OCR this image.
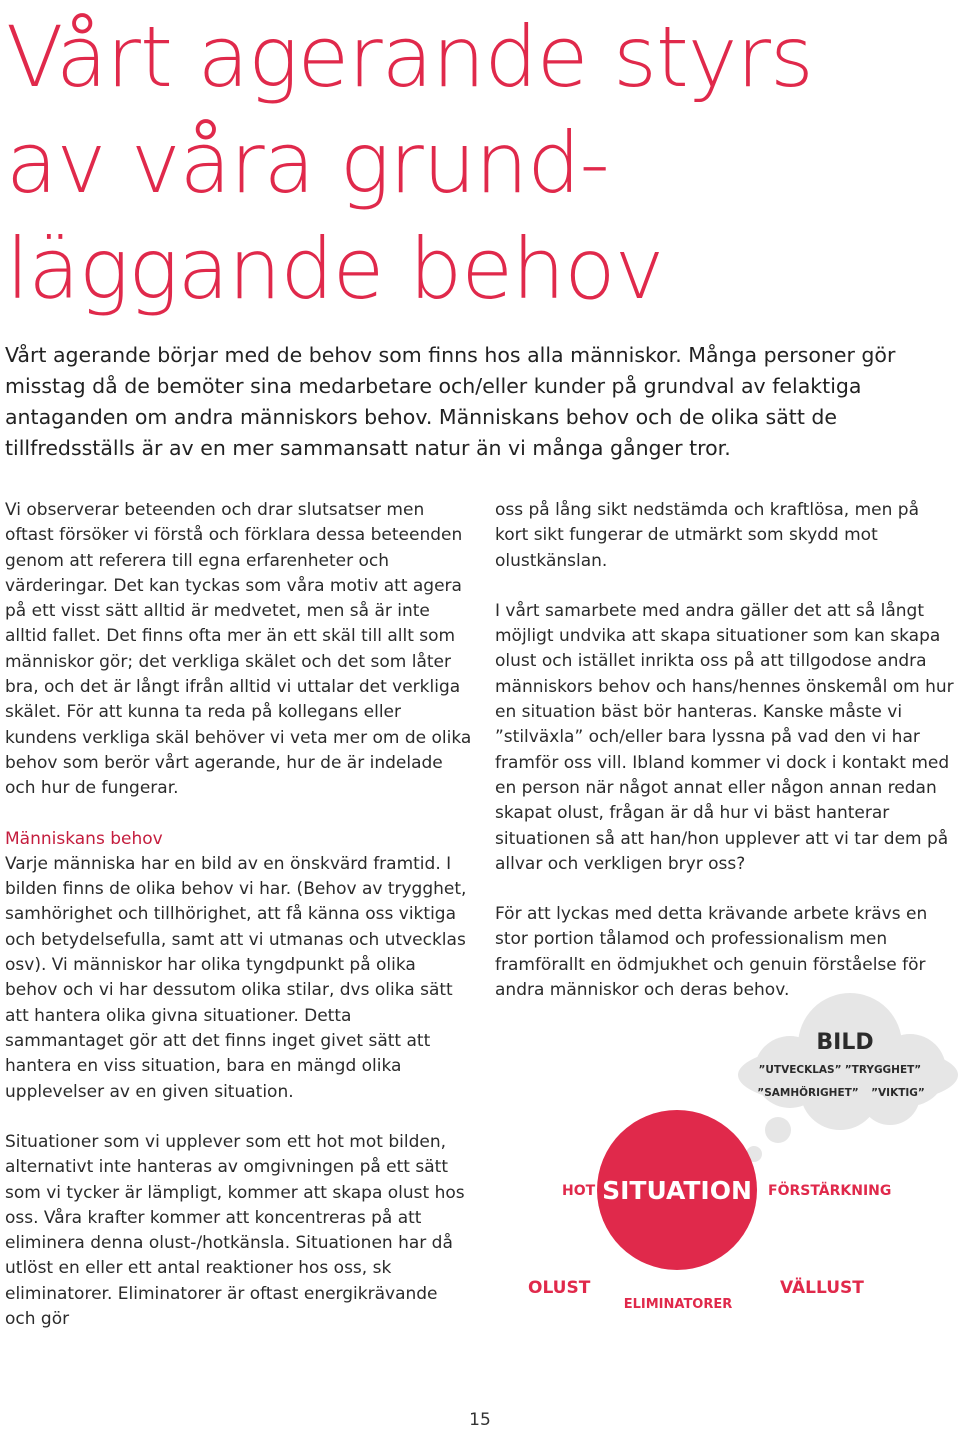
Vårt agerande styrs
av våra grund-
läggande behov

Vårt agerande börjar med de behov som finns hos alla människor. Många personer gör misstag då de bemöter sina medarbetare och/eller kunder på grundval av felaktiga antaganden om andra människors behov. Människans behov och de olika sätt de tillfredsställs är av en mer sammansatt natur än vi många gånger tror.

Vi observerar beteenden och drar slutsatser men oftast försöker vi förstå och förklara dessa beteenden genom att referera till egna erfarenheter och värderingar. Det kan tyckas som våra motiv att agera på ett visst sätt alltid är medvetet, men så är inte alltid fallet. Det finns ofta mer än ett skäl till allt som människor gör; det verkliga skälet och det som låter bra, och det är långt ifrån alltid vi uttalar det verkliga skälet. För att kunna ta reda på kollegans eller kundens verkliga skäl behöver vi veta mer om de olika behov som berör vårt agerande, hur de är indelade och hur de fungerar.

Människans behov
Varje människa har en bild av en önskvärd framtid. I bilden finns de olika behov vi har. (Behov av trygghet, samhörighet och tillhörighet, att få känna oss viktiga och betydelsefulla, samt att vi utmanas och utvecklas osv). Vi människor har olika tyngdpunkt på olika behov och vi har dessutom olika stilar, dvs olika sätt att hantera olika givna situationer. Detta sammantaget gör att det finns inget givet sätt att hantera en viss situation, bara en mängd olika upplevelser av en given situation.

Situationer som vi upplever som ett hot mot bilden, alternativt inte hanteras av omgivningen på ett sätt som vi tycker är lämpligt, kommer att skapa olust hos oss. Våra krafter kommer att koncentreras på att eliminera denna olust-/hotkänsla. Situationen har då utlöst en eller ett antal reaktioner hos oss, sk eliminatorer. Eliminatorer är oftast energikrävande och gör

oss på lång sikt nedstämda och kraftlösa, men på kort sikt fungerar de utmärkt som skydd mot olustkänslan.

I vårt samarbete med andra gäller det att så långt möjligt undvika att skapa situationer som kan skapa olust och istället inrikta oss på att tillgodose andra människors behov och hans/hennes önskemål om hur en situation bäst bör hanteras. Kanske måste vi ”stilväxla” och/eller bara lyssna på vad den vi har framför oss vill. Ibland kommer vi dock i kontakt med en person när något annat eller någon annan redan skapat olust, frågan är då hur vi bäst hanterar situationen så att han/hon upplever att vi tar dem på allvar och verkligen bryr oss?

För att lyckas med detta krävande arbete krävs en stor portion tålamod och professionalism men framförallt en ödmjukhet och genuin förståelse för andra människor och deras behov.

BILD
”UTVECKLAS” ”TRYGGHET”
”SAMHÖRIGHET” ”VIKTIG”
SITUATION
HOT	FÖRSTÄRKNING
OLUST	VÄLLUST
ELIMINATORER
15
